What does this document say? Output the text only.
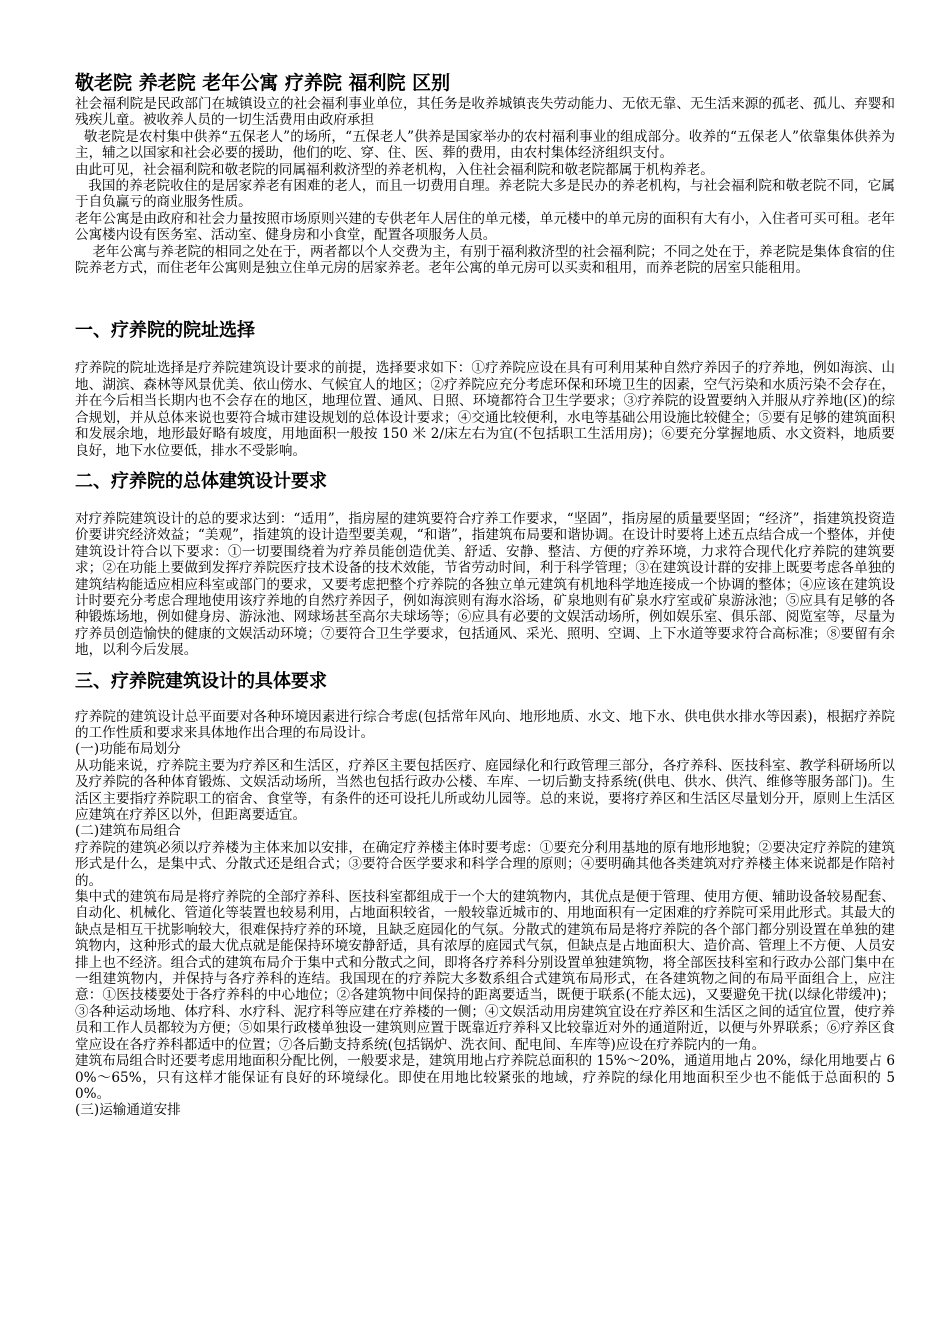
敬老院 养老院 老年公寓 疗养院 福利院 区别

社会福利院是民政部门在城镇设立的社会福利事业单位，其任务是收养城镇丧失劳动能力、无依无靠、无生活来源的孤老、孤儿、弃婴和残疾儿童。被收养人员的一切生活费用由政府承担

敬老院是农村集中供养“五保老人”的场所，“五保老人”供养是国家举办的农村福利事业的组成部分。收养的“五保老人”依靠集体供养为主，辅之以国家和社会必要的援助，他们的吃、穿、住、医、葬的费用，由农村集体经济组织支付。

由此可见，社会福利院和敬老院的同属福利救济型的养老机构，入住社会福利院和敬老院都属于机构养老。

我国的养老院收住的是居家养老有困难的老人，而且一切费用自理。养老院大多是民办的养老机构，与社会福利院和敬老院不同，它属于自负赢亏的商业服务性质。

老年公寓是由政府和社会力量按照市场原则兴建的专供老年人居住的单元楼，单元楼中的单元房的面积有大有小，入住者可买可租。老年公寓楼内设有医务室、活动室、健身房和小食堂，配置各项服务人员。

老年公寓与养老院的相同之处在于，两者都以个人交费为主，有别于福利救济型的社会福利院；不同之处在于，养老院是集体食宿的住院养老方式，而住老年公寓则是独立住单元房的居家养老。老年公寓的单元房可以买卖和租用，而养老院的居室只能租用。

一、疗养院的院址选择

疗养院的院址选择是疗养院建筑设计要求的前提，选择要求如下：①疗养院应设在具有可利用某种自然疗养因子的疗养地，例如海滨、山地、湖滨、森林等风景优美、依山傍水、气候宜人的地区；②疗养院应充分考虑环保和环境卫生的因素，空气污染和水质污染不会存在，并在今后相当长期内也不会存在的地区，地理位置、通风、日照、环境都符合卫生学要求；③疗养院的设置要纳入并服从疗养地(区)的综合规划，并从总体来说也要符合城市建设规划的总体设计要求；④交通比较便利，水电等基础公用设施比较健全；⑤要有足够的建筑面积和发展余地，地形最好略有坡度，用地面积一般按 150 米 2/床左右为宜(不包括职工生活用房)；⑥要充分掌握地质、水文资料，地质要良好，地下水位要低，排水不受影响。

二、疗养院的总体建筑设计要求

对疗养院建筑设计的总的要求达到：“适用”，指房屋的建筑要符合疗养工作要求，“坚固”，指房屋的质量要坚固；“经济”，指建筑投资造价要讲究经济效益；“美观”，指建筑的设计造型要美观，“和谐”，指建筑布局要和谐协调。在设计时要将上述五点结合成一个整体，并使建筑设计符合以下要求：①一切要围绕着为疗养员能创造优美、舒适、安静、整洁、方便的疗养环境，力求符合现代化疗养院的建筑要求；②在功能上要做到发挥疗养院医疗技术设备的技术效能，节省劳动时间，利于科学管理；③在建筑设计群的安排上既要考虑各单独的建筑结构能适应相应科室或部门的要求，又要考虑把整个疗养院的各独立单元建筑有机地科学地连接成一个协调的整体；④应该在建筑设计时要充分考虑合理地使用该疗养地的自然疗养因子，例如海滨则有海水浴场，矿泉地则有矿泉水疗室或矿泉游泳池；⑤应具有足够的各种锻炼场地，例如健身房、游泳池、网球场甚至高尔夫球场等；⑥应具有必要的文娱活动场所，例如娱乐室、俱乐部、阅览室等，尽量为疗养员创造愉快的健康的文娱活动环境；⑦要符合卫生学要求，包括通风、采光、照明、空调、上下水道等要求符合高标准；⑧要留有余地，以利今后发展。

三、疗养院建筑设计的具体要求

疗养院的建筑设计总平面要对各种环境因素进行综合考虑(包括常年风向、地形地质、水文、地下水、供电供水排水等因素)，根据疗养院的工作性质和要求来具体地作出合理的布局设计。

(一)功能布局划分

从功能来说，疗养院主要为疗养区和生活区，疗养区主要包括医疗、庭园绿化和行政管理三部分，各疗养科、医技科室、教学科研场所以及疗养院的各种体育锻炼、文娱活动场所，当然也包括行政办公楼、车库、一切后勤支持系统(供电、供水、供汽、维修等服务部门)。生活区主要指疗养院职工的宿舍、食堂等，有条件的还可设托儿所或幼儿园等。总的来说，要将疗养区和生活区尽量划分开，原则上生活区应建筑在疗养区以外，但距离要适宜。

(二)建筑布局组合

疗养院的建筑必须以疗养楼为主体来加以安排，在确定疗养楼主体时要考虑：①要充分利用基地的原有地形地貌；②要决定疗养院的建筑形式是什么，是集中式、分散式还是组合式；③要符合医学要求和科学合理的原则；④要明确其他各类建筑对疗养楼主体来说都是作陪衬的。

集中式的建筑布局是将疗养院的全部疗养科、医技科室都组成于一个大的建筑物内，其优点是便于管理、使用方便、辅助设备较易配套、自动化、机械化、管道化等装置也较易利用，占地面积较省，一般较靠近城市的、用地面积有一定困难的疗养院可采用此形式。其最大的缺点是相互干扰影响较大，很难保持疗养的环境，且缺乏庭园化的气氛。分散式的建筑布局是将疗养院的各个部门都分别设置在单独的建筑物内，这种形式的最大优点就是能保持环境安静舒适，具有浓厚的庭园式气氛，但缺点是占地面积大、造价高、管理上不方便、人员安排上也不经济。组合式的建筑布局介于集中式和分散式之间，即将各疗养科分别设置单独建筑物，将全部医技科室和行政办公部门集中在一组建筑物内，并保持与各疗养科的连结。我国现在的疗养院大多数系组合式建筑布局形式，在各建筑物之间的布局平面组合上，应注意：①医技楼要处于各疗养科的中心地位；②各建筑物中间保持的距离要适当，既便于联系(不能太远)，又要避免干扰(以绿化带缓冲)；③各种运动场地、体疗科、水疗科、泥疗科等应建在疗养楼的一侧；④文娱活动用房建筑宜设在疗养区和生活区之间的适宜位置，使疗养员和工作人员都较为方便；⑤如果行政楼单独设一建筑则应置于既靠近疗养科又比较靠近对外的通道附近，以便与外界联系；⑥疗养区食堂应设在各疗养科都适中的位置；⑦各后勤支持系统(包括锅炉、洗衣间、配电间、车库等)应设在疗养院内的一角。

建筑布局组合时还要考虑用地面积分配比例，一般要求是，建筑用地占疗养院总面积的 15%～20%，通道用地占 20%，绿化用地要占 60%～65%，只有这样才能保证有良好的环境绿化。即使在用地比较紧张的地域，疗养院的绿化用地面积至少也不能低于总面积的 50%。

(三)运输通道安排
